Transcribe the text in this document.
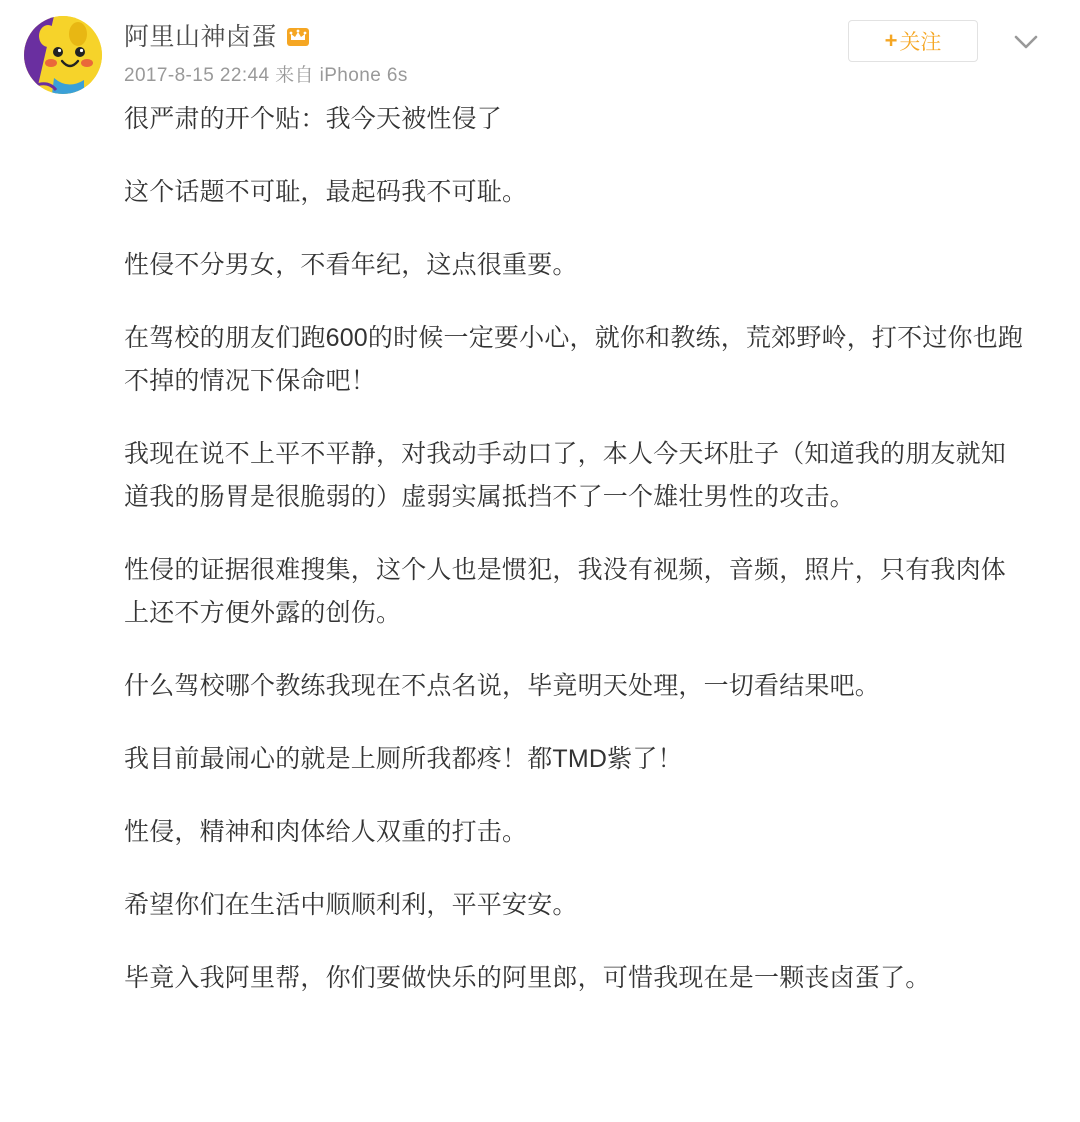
阿里山神卤蛋
2017-8-15 22:44 来自 iPhone 6s
+ 关注

很严肃的开个贴：我今天被性侵了

这个话题不可耻，最起码我不可耻。

性侵不分男女，不看年纪，这点很重要。

在驾校的朋友们跑600的时候一定要小心，就你和教练，荒郊野岭，打不过你也跑不掉的情况下保命吧！

我现在说不上平不平静，对我动手动口了，本人今天坏肚子（知道我的朋友就知道我的肠胃是很脆弱的）虚弱实属抵挡不了一个雄壮男性的攻击。

性侵的证据很难搜集，这个人也是惯犯，我没有视频，音频，照片，只有我肉体上还不方便外露的创伤。

什么驾校哪个教练我现在不点名说，毕竟明天处理，一切看结果吧。

我目前最闹心的就是上厕所我都疼！都TMD紫了！

性侵，精神和肉体给人双重的打击。

希望你们在生活中顺顺利利，平平安安。

毕竟入我阿里帮，你们要做快乐的阿里郎，可惜我现在是一颗丧卤蛋了。
